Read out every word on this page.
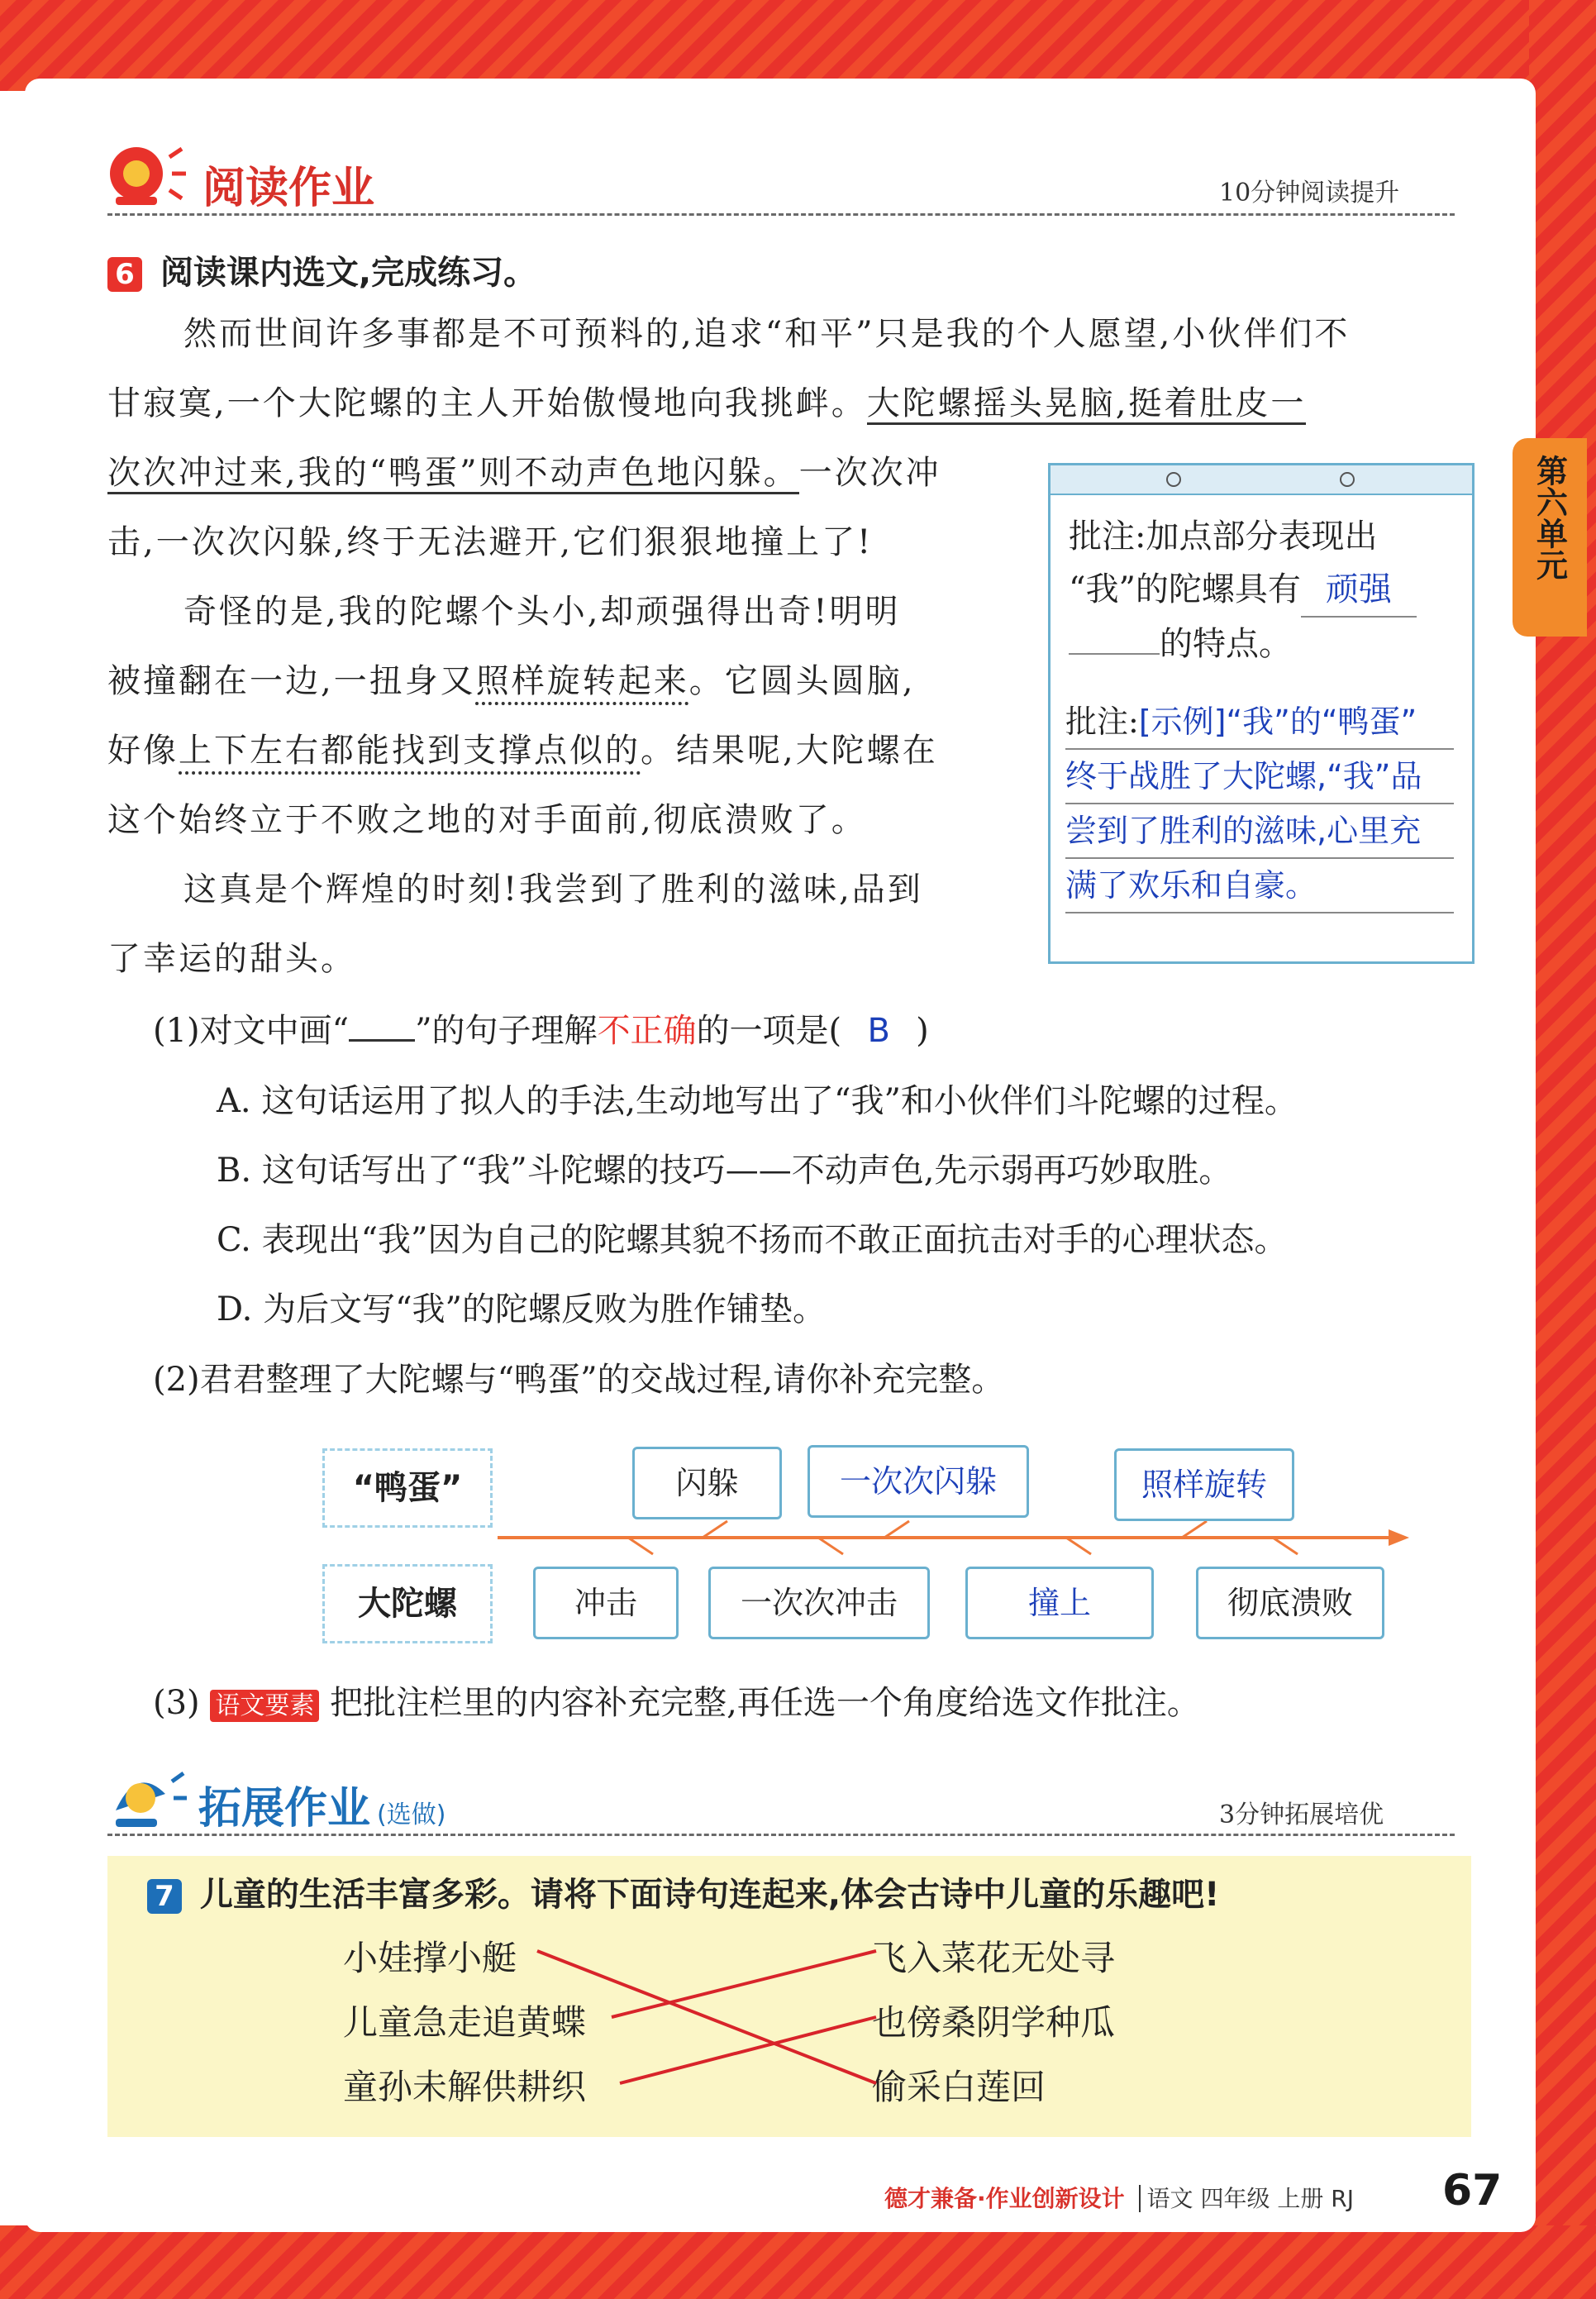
阅读作业	10分钟阅读提升
第六单元
6 阅读课内选文,完成练习。
然而世间许多事都是不可预料的,追求“和平”只是我的个人愿望,小伙伴们不
甘寂寞,一个大陀螺的主人开始傲慢地向我挑衅。大陀螺摇头晃脑,挺着肚皮一
次次冲过来,我的“鸭蛋”则不动声色地闪躲。一次次冲
击,一次次闪躲,终于无法避开,它们狠狠地撞上了!
奇怪的是,我的陀螺个头小,却顽强得出奇!明明
被撞翻在一边,一扭身又照样旋转起来。它圆头圆脑,
好像上下左右都能找到支撑点似的。结果呢,大陀螺在
这个始终立于不败之地的对手面前,彻底溃败了。
这真是个辉煌的时刻!我尝到了胜利的滋味,品到
了幸运的甜头。
批注:加点部分表现出
“我”的陀螺具有 顽强
的特点。
批注:[示例]“我”的“鸭蛋”
终于战胜了大陀螺,“我”品
尝到了胜利的滋味,心里充
满了欢乐和自豪。
(1)对文中画“ ”的句子理解不正确的一项是( B )
A. 这句话运用了拟人的手法,生动地写出了“我”和小伙伴们斗陀螺的过程。
B. 这句话写出了“我”斗陀螺的技巧——不动声色,先示弱再巧妙取胜。
C. 表现出“我”因为自己的陀螺其貌不扬而不敢正面抗击对手的心理状态。
D. 为后文写“我”的陀螺反败为胜作铺垫。
(2)君君整理了大陀螺与“鸭蛋”的交战过程,请你补充完整。
“鸭蛋”
大陀螺
闪躲	一次次闪躲	照样旋转
冲击	一次次冲击	撞上	彻底溃败
(3) 语文要素 把批注栏里的内容补充完整,再任选一个角度给选文作批注。
拓展作业 (选做)	3分钟拓展培优
7 儿童的生活丰富多彩。请将下面诗句连起来,体会古诗中儿童的乐趣吧!
小娃撑小艇
儿童急走追黄蝶
童孙未解供耕织
飞入菜花无处寻
也傍桑阴学种瓜
偷采白莲回
德才兼备·作业创新设计 语文 四年级 上册 RJ 67
